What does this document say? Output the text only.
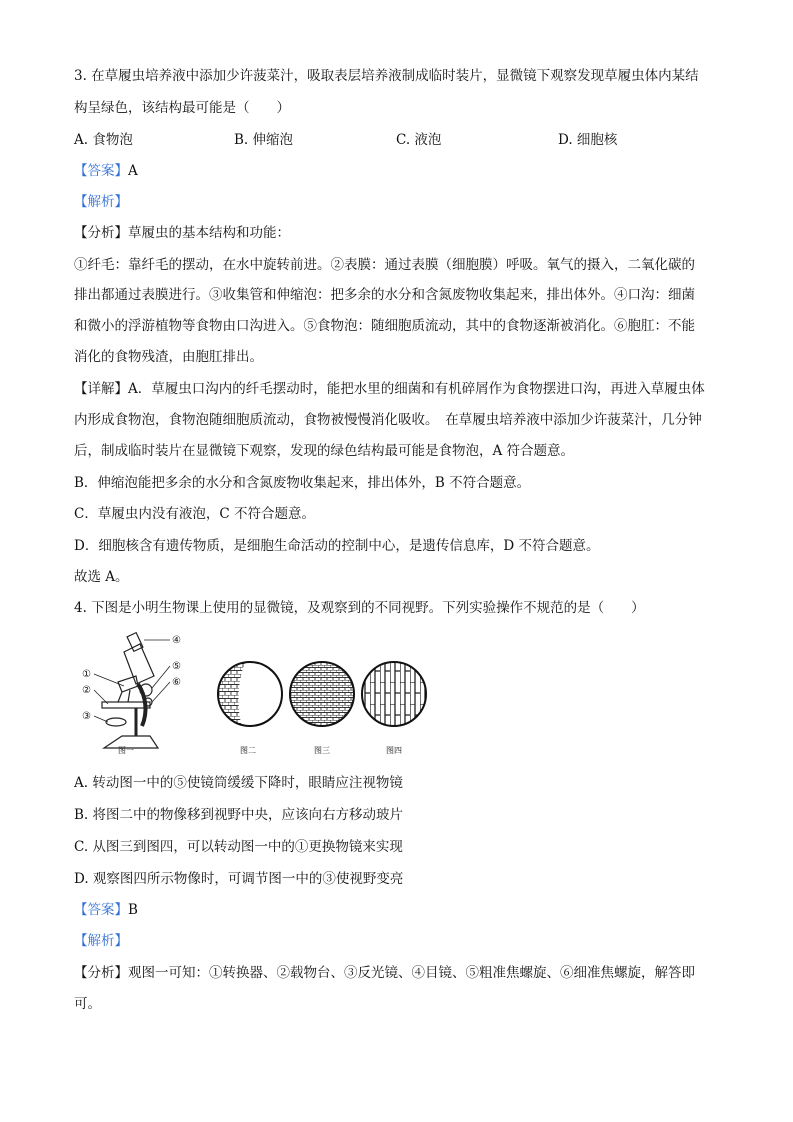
3. 在草履虫培养液中添加少许菠菜汁，吸取表层培养液制成临时装片，显微镜下观察发现草履虫体内某结
构呈绿色，该结构最可能是（　　）
A. 食物泡	B. 伸缩泡	C. 液泡	D. 细胞核
【答案】A
【解析】
【分析】草履虫的基本结构和功能：
①纤毛：靠纤毛的摆动，在水中旋转前进。②表膜：通过表膜（细胞膜）呼吸。氧气的摄入，二氧化碳的
排出都通过表膜进行。③收集管和伸缩泡：把多余的水分和含氮废物收集起来，排出体外。④口沟：细菌
和微小的浮游植物等食物由口沟进入。⑤食物泡：随细胞质流动，其中的食物逐渐被消化。⑥胞肛：不能
消化的食物残渣，由胞肛排出。
【详解】A．草履虫口沟内的纤毛摆动时，能把水里的细菌和有机碎屑作为食物摆进口沟，再进入草履虫体
内形成食物泡，食物泡随细胞质流动，食物被慢慢消化吸收。　在草履虫培养液中添加少许菠菜汁，几分钟
后，制成临时装片在显微镜下观察，发现的绿色结构最可能是食物泡，A 符合题意。
B．伸缩泡能把多余的水分和含氮废物收集起来，排出体外，B 不符合题意。
C．草履虫内没有液泡，C 不符合题意。
D．细胞核含有遗传物质，是细胞生命活动的控制中心，是遗传信息库，D 不符合题意。
故选 A。
4. 下图是小明生物课上使用的显微镜，及观察到的不同视野。下列实验操作不规范的是（　　）
①
②
③
④
⑤
⑥
图一	图二	图三	图四
A. 转动图一中的⑤使镜筒缓缓下降时，眼睛应注视物镜
B. 将图二中的物像移到视野中央，应该向右方移动玻片
C. 从图三到图四，可以转动图一中的①更换物镜来实现
D. 观察图四所示物像时，可调节图一中的③使视野变亮
【答案】B
【解析】
【分析】观图一可知：①转换器、②载物台、③反光镜、④目镜、⑤粗准焦螺旋、⑥细准焦螺旋，解答即
可。
